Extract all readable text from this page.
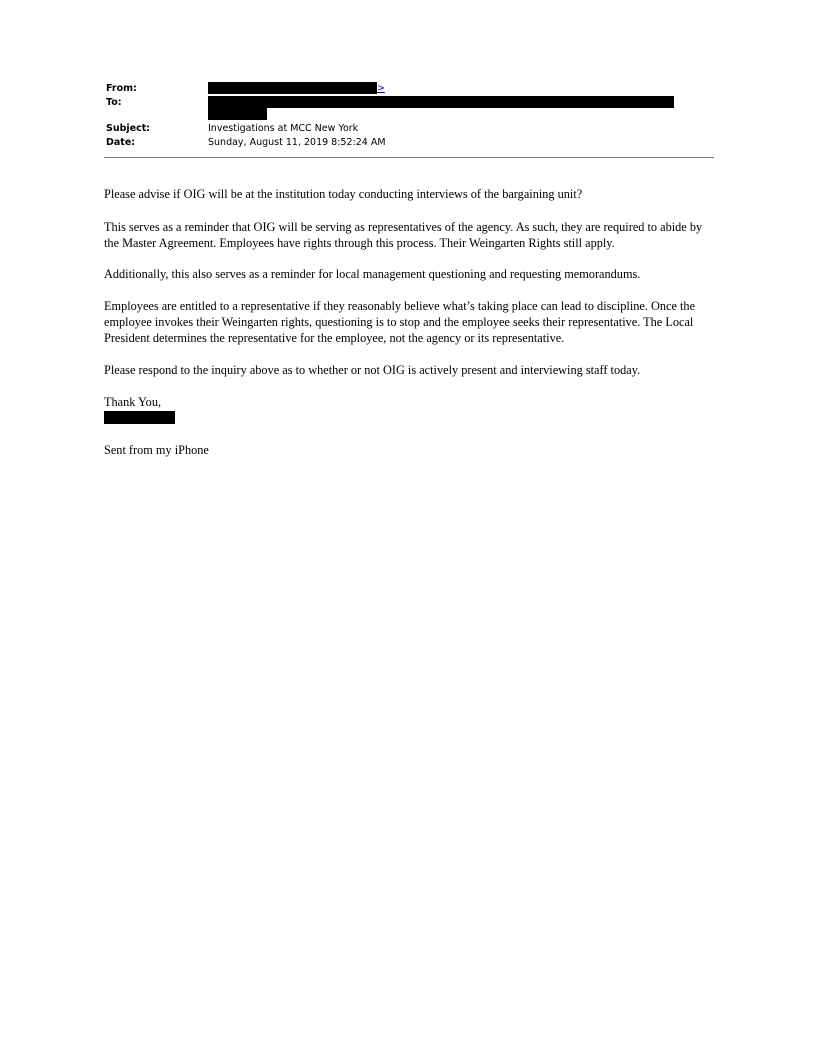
From:	>
To:
Subject:	Investigations at MCC New York
Date:	Sunday, August 11, 2019 8:52:24 AM

Please advise if OIG will be at the institution today conducting interviews of the bargaining unit?

This serves as a reminder that OIG will be serving as representatives of the agency. As such, they are required to abide by the Master Agreement. Employees have rights through this process. Their Weingarten Rights still apply.

Additionally, this also serves as a reminder for local management questioning and requesting memorandums.

Employees are entitled to a representative if they reasonably believe what’s taking place can lead to discipline. Once the employee invokes their Weingarten rights, questioning is to stop and the employee seeks their representative. The Local President determines the representative for the employee, not the agency or its representative.

Please respond to the inquiry above as to whether or not OIG is actively present and interviewing staff today.

Thank You,

Sent from my iPhone
